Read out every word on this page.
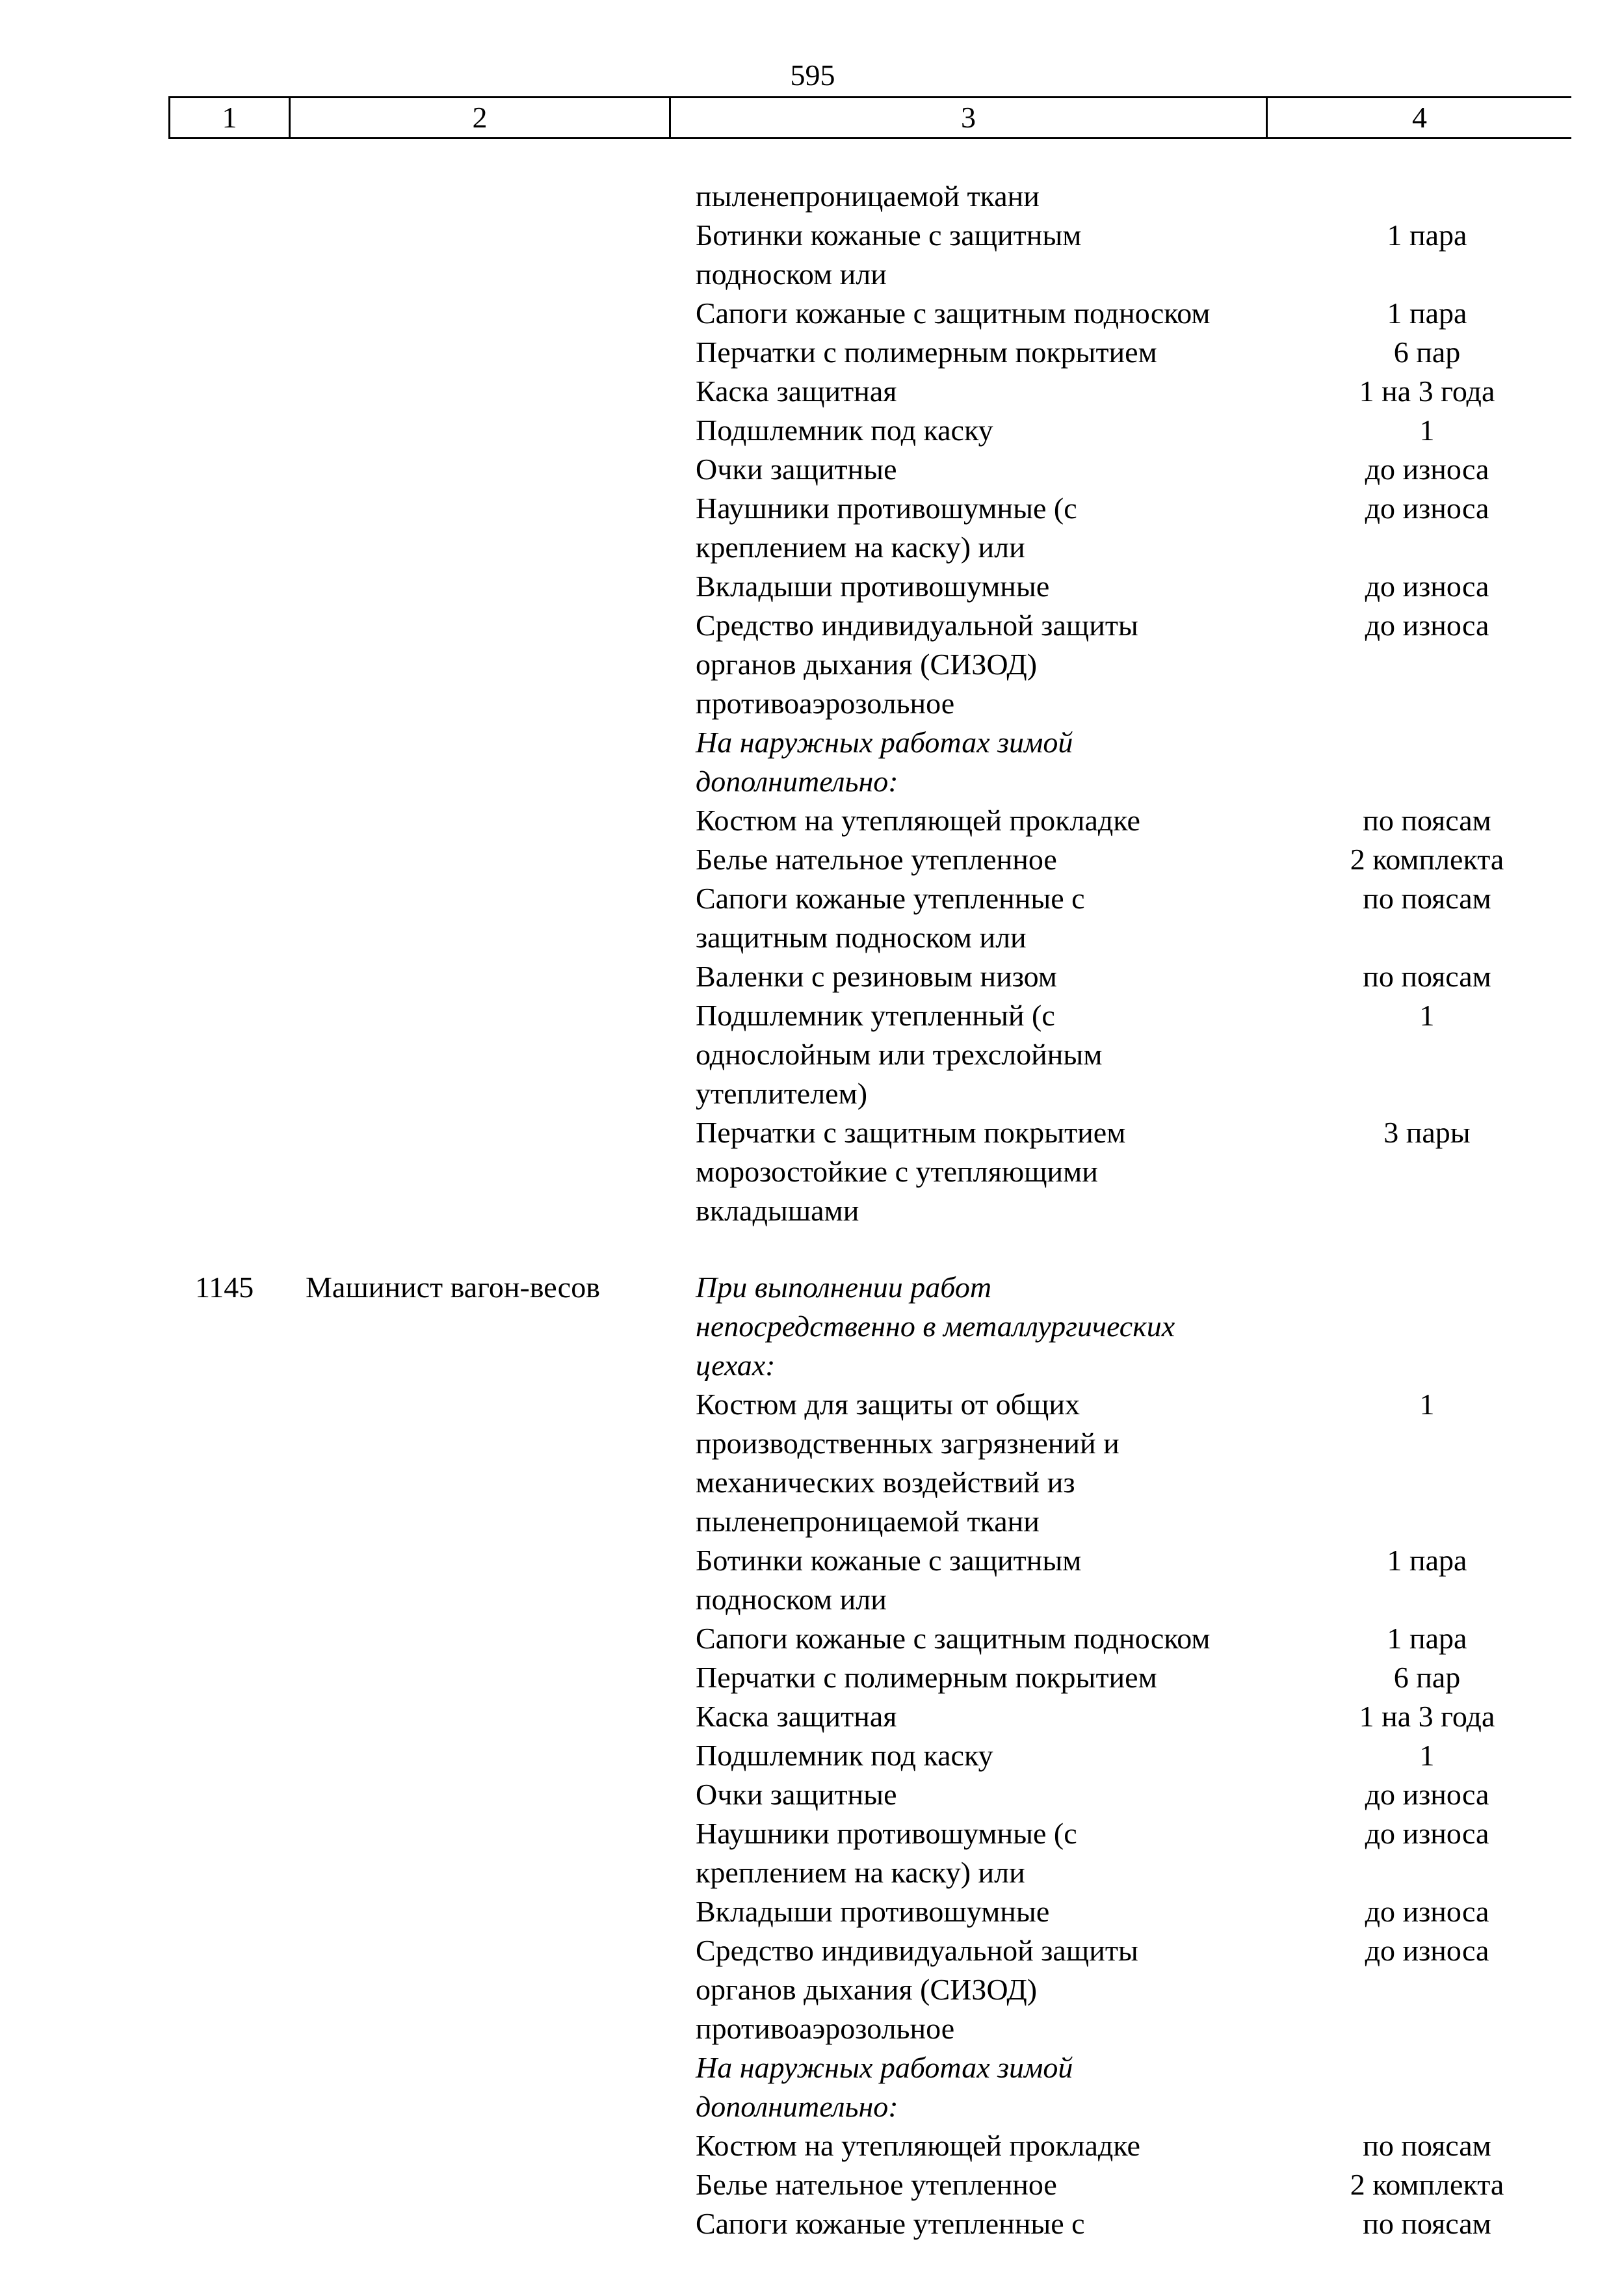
595
1	2	3	4
пыленепроницаемой ткани
Ботинки кожаные с защитным	1 пара
подноском или
Сапоги кожаные с защитным подноском	1 пара
Перчатки с полимерным покрытием	6 пар
Каска защитная	1 на 3 года
Подшлемник под каску	1
Очки защитные	до износа
Наушники противошумные (с	до износа
креплением на каску) или
Вкладыши противошумные	до износа
Средство индивидуальной защиты	до износа
органов дыхания (СИЗОД)
противоаэрозольное
На наружных работах зимой
дополнительно:
Костюм на утепляющей прокладке	по поясам
Белье нательное утепленное	2 комплекта
Сапоги кожаные утепленные с	по поясам
защитным подноском или
Валенки с резиновым низом	по поясам
Подшлемник утепленный (с	1
однослойным или трехслойным
утеплителем)
Перчатки с защитным покрытием	3 пары
морозостойкие с утепляющими
вкладышами
1145	Машинист вагон-весов	При выполнении работ
непосредственно в металлургических
цехах:
Костюм для защиты от общих	1
производственных загрязнений и
механических воздействий из
пыленепроницаемой ткани
Ботинки кожаные с защитным	1 пара
подноском или
Сапоги кожаные с защитным подноском	1 пара
Перчатки с полимерным покрытием	6 пар
Каска защитная	1 на 3 года
Подшлемник под каску	1
Очки защитные	до износа
Наушники противошумные (с	до износа
креплением на каску) или
Вкладыши противошумные	до износа
Средство индивидуальной защиты	до износа
органов дыхания (СИЗОД)
противоаэрозольное
На наружных работах зимой
дополнительно:
Костюм на утепляющей прокладке	по поясам
Белье нательное утепленное	2 комплекта
Сапоги кожаные утепленные с	по поясам
